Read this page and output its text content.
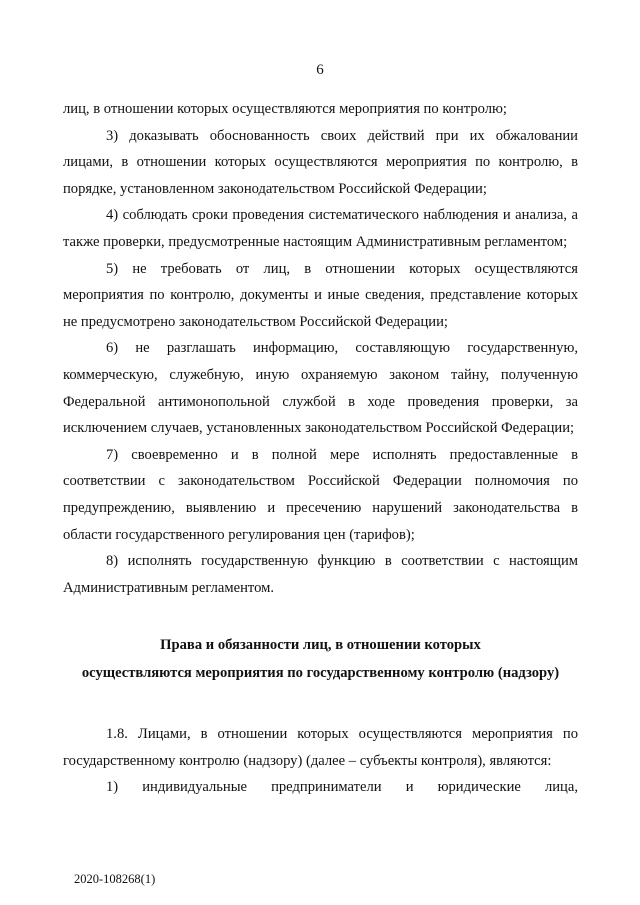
6

лиц, в отношении которых осуществляются мероприятия по контролю;

3) доказывать обоснованность своих действий при их обжаловании лицами, в отношении которых осуществляются мероприятия по контролю, в порядке, установленном законодательством Российской Федерации;

4) соблюдать сроки проведения систематического наблюдения и анализа, а также проверки, предусмотренные настоящим Административным регламентом;

5) не требовать от лиц, в отношении которых осуществляются мероприятия по контролю, документы и иные сведения, представление которых не предусмотрено законодательством Российской Федерации;

6) не разглашать информацию, составляющую государственную, коммерческую, служебную, иную охраняемую законом тайну, полученную Федеральной антимонопольной службой в ходе проведения проверки, за исключением случаев, установленных законодательством Российской Федерации;

7) своевременно и в полной мере исполнять предоставленные в соответствии с законодательством Российской Федерации полномочия по предупреждению, выявлению и пресечению нарушений законодательства в области государственного регулирования цен (тарифов);

8) исполнять государственную функцию в соответствии с настоящим Административным регламентом.

Права и обязанности лиц, в отношении которых
осуществляются мероприятия по государственному контролю (надзору)

1.8. Лицами, в отношении которых осуществляются мероприятия по государственному контролю (надзору) (далее – субъекты контроля), являются:

1) индивидуальные предприниматели и юридические лица,

2020-108268(1)
